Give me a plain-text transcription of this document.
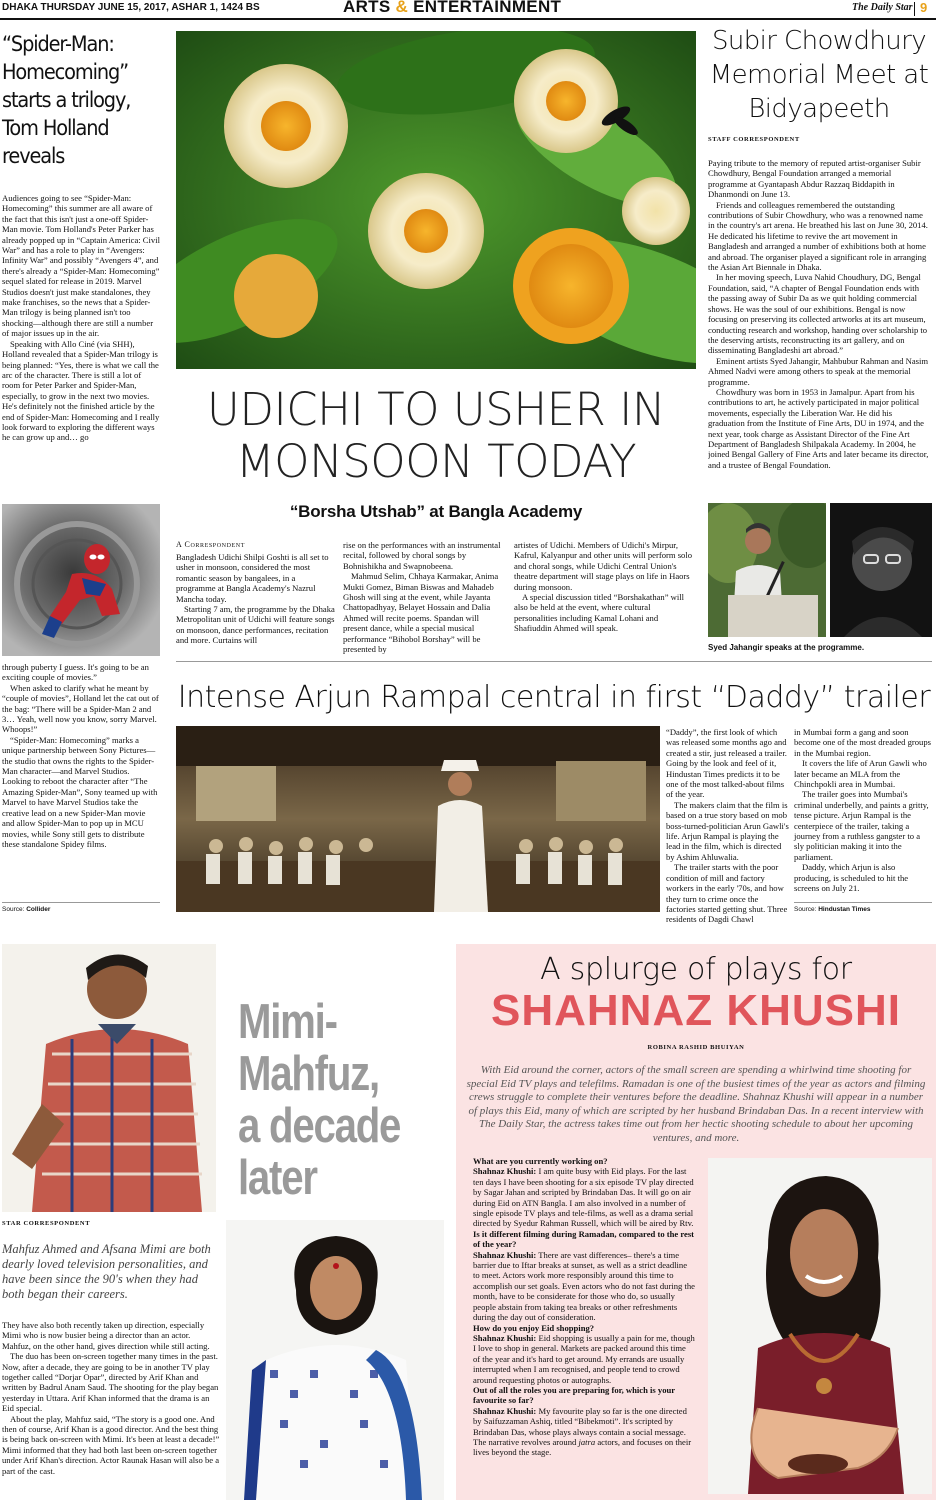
DHAKA THURSDAY JUNE 15, 2017, ASHAR 1, 1424 BS	ARTS & ENTERTAINMENT	The Daily Star 9
“Spider-Man: Homecoming” starts a trilogy, Tom Holland reveals

Audiences going to see “Spider-Man: Homecoming” this summer are all aware of the fact that this isn't just a one-off Spider-Man movie. Tom Holland's Peter Parker has already popped up in “Captain America: Civil War” and has a role to play in “Avengers: Infinity War” and possibly “Avengers 4”, and there's already a “Spider-Man: Homecoming” sequel slated for release in 2019. Marvel Studios doesn't just make standalones, they make franchises, so the news that a Spider-Man trilogy is being planned isn't too shocking—although there are still a number of major issues up in the air.

Speaking with Allo Ciné (via SHH), Holland revealed that a Spider-Man trilogy is being planned: “Yes, there is what we call the arc of the character. There is still a lot of room for Peter Parker and Spider-Man, especially, to grow in the next two movies. He's definitely not the finished article by the end of Spider-Man: Homecoming and I really look forward to exploring the different ways he can grow up and… go

through puberty I guess. It's going to be an exciting couple of movies.”

When asked to clarify what he meant by “couple of movies”, Holland let the cat out of the bag: “There will be a Spider-Man 2 and 3… Yeah, well now you know, sorry Marvel. Whoops!”

“Spider-Man: Homecoming” marks a unique partnership between Sony Pictures—the studio that owns the rights to the Spider-Man character—and Marvel Studios. Looking to reboot the character after “The Amazing Spider-Man”, Sony teamed up with Marvel to have Marvel Studios take the creative lead on a new Spider-Man movie and allow Spider-Man to pop up in MCU movies, while Sony still gets to distribute these standalone Spidey films.

Source: Collider
UDICHI TO USHER IN
MONSOON TODAY
“Borsha Utshab” at Bangla Academy
A Correspondent

Bangladesh Udichi Shilpi Goshti is all set to usher in monsoon, considered the most romantic season by bangalees, in a programme at Bangla Academy's Nazrul Mancha today.

Starting 7 am, the programme by the Dhaka Metropolitan unit of Udichi will feature songs on monsoon, dance performances, recitation and more. Curtains will

rise on the performances with an instrumental recital, followed by choral songs by Bohnishikha and Swapnobeena.

Mahmud Selim, Chhaya Karmakar, Anima Mukti Gomez, Biman Biswas and Mahadeb Ghosh will sing at the event, while Jayanta Chattopadhyay, Belayet Hossain and Dalia Ahmed will recite poems. Spandan will present dance, while a special musical performance “Bihobol Borshay” will be presented by

artistes of Udichi. Members of Udichi's Mirpur, Kafrul, Kalyanpur and other units will perform solo and choral songs, while Udichi Central Union's theatre department will stage plays on life in Haors during monsoon.

A special discussion titled “Borshakathan” will also be held at the event, where cultural personalities including Kamal Lohani and Shafiuddin Ahmed will speak.

Subir Chowdhury Memorial Meet at Bidyapeeth
STAFF CORRESPONDENT

Paying tribute to the memory of reputed artist-organiser Subir Chowdhury, Bengal Foundation arranged a memorial programme at Gyantapash Abdur Razzaq Biddapith in Dhanmondi on June 13.

Friends and colleagues remembered the outstanding contributions of Subir Chowdhury, who was a renowned name in the country's art arena. He breathed his last on June 30, 2014. He dedicated his lifetime to revive the art movement in Bangladesh and arranged a number of exhibitions both at home and abroad. The organiser played a significant role in arranging the Asian Art Biennale in Dhaka.

In her moving speech, Luva Nahid Choudhury, DG, Bengal Foundation, said, “A chapter of Bengal Foundation ends with the passing away of Subir Da as we quit holding commercial shows. He was the soul of our exhibitions. Bengal is now focusing on preserving its collected artworks at its art museum, conducting research and workshop, handing over scholarship to the deserving artists, reconstructing its art gallery, and on disseminating Bangladeshi art abroad.”

Eminent artists Syed Jahangir, Mahbubur Rahman and Nasim Ahmed Nadvi were among others to speak at the memorial programme.

Chowdhury was born in 1953 in Jamalpur. Apart from his contributions to art, he actively participated in major political movements, especially the Liberation War. He did his graduation from the Institute of Fine Arts, DU in 1974, and the next year, took charge as Assistant Director of the Fine Art Department of Bangladesh Shilpakala Academy. In 2004, he joined Bengal Gallery of Fine Arts and later became its director, and a trustee of Bengal Foundation.

Syed Jahangir speaks at the programme.
Intense Arjun Rampal central in first “Daddy” trailer

“Daddy”, the first look of which was released some months ago and created a stir, just released a trailer. Going by the look and feel of it, Hindustan Times predicts it to be one of the most talked-about films of the year.

The makers claim that the film is based on a true story based on mob boss-turned-politician Arun Gawli's life. Arjun Rampal is playing the lead in the film, which is directed by Ashim Ahluwalia.

The trailer starts with the poor condition of mill and factory workers in the early '70s, and how they turn to crime once the factories started getting shut. Three residents of Dagdi Chawl

in Mumbai form a gang and soon become one of the most dreaded groups in the Mumbai region.

It covers the life of Arun Gawli who later became an MLA from the Chinchpokli area in Mumbai.

The trailer goes into Mumbai's criminal underbelly, and paints a gritty, tense picture. Arjun Rampal is the centerpiece of the trailer, taking a journey from a ruthless gangster to a sly politician making it into the parliament.

Daddy, which Arjun is also producing, is scheduled to hit the screens on July 21.

Source: Hindustan Times
Mimi-
Mahfuz,
a decade
later
STAR CORRESPONDENT
Mahfuz Ahmed and Afsana Mimi are both dearly loved television personalities, and have been since the 90's when they had both began their careers.

They have also both recently taken up direction, especially Mimi who is now busier being a director than an actor. Mahfuz, on the other hand, gives direction while still acting.

The duo has been on-screen together many times in the past. Now, after a decade, they are going to be in another TV play together called “Dorjar Opar”, directed by Arif Khan and written by Badrul Anam Saud. The shooting for the play began yesterday in Uttara. Arif Khan informed that the drama is an Eid special.

About the play, Mahfuz said, “The story is a good one. And then of course, Arif Khan is a good director. And the best thing is being back on-screen with Mimi. It's been at least a decade!” Mimi informed that they had both last been on-screen together under Arif Khan's direction. Actor Raunak Hasan will also be a part of the cast.

A splurge of plays for
SHAHNAZ KHUSHI
ROBINA RASHID BHUIYAN
With Eid around the corner, actors of the small screen are spending a whirlwind time shooting for special Eid TV plays and telefilms. Ramadan is one of the busiest times of the year as actors and filming crews struggle to complete their ventures before the deadline. Shahnaz Khushi will appear in a number of plays this Eid, many of which are scripted by her husband Brindaban Das. In a recent interview with The Daily Star, the actress takes time out from her hectic shooting schedule to about her upcoming ventures, and more.

What are you currently working on?

Shahnaz Khushi: I am quite busy with Eid plays. For the last ten days I have been shooting for a six episode TV play directed by Sagar Jahan and scripted by Brindaban Das. It will go on air during Eid on ATN Bangla. I am also involved in a number of single episode TV plays and tele-films, as well as a drama serial directed by Syedur Rahman Russell, which will be aired by Rtv.

Is it different filming during Ramadan, compared to the rest of the year?

Shahnaz Khushi: There are vast differences– there's a time barrier due to Iftar breaks at sunset, as well as a strict deadline to meet. Actors work more responsibly around this time to accomplish our set goals. Even actors who do not fast during the month, have to be considerate for those who do, so usually people abstain from taking tea breaks or other refreshments during the day out of consideration.

How do you enjoy Eid shopping?

Shahnaz Khushi: Eid shopping is usually a pain for me, though I love to shop in general. Markets are packed around this time of the year and it's hard to get around. My errands are usually interrupted when I am recognised, and people tend to crowd around requesting photos or autographs.

Out of all the roles you are preparing for, which is your favourite so far?

Shahnaz Khushi: My favourite play so far is the one directed by Saifuzzaman Ashiq, titled “Bibekmoti”. It's scripted by Brindaban Das, whose plays always contain a social message. The narrative revolves around jatra actors, and focuses on their lives beyond the stage.
